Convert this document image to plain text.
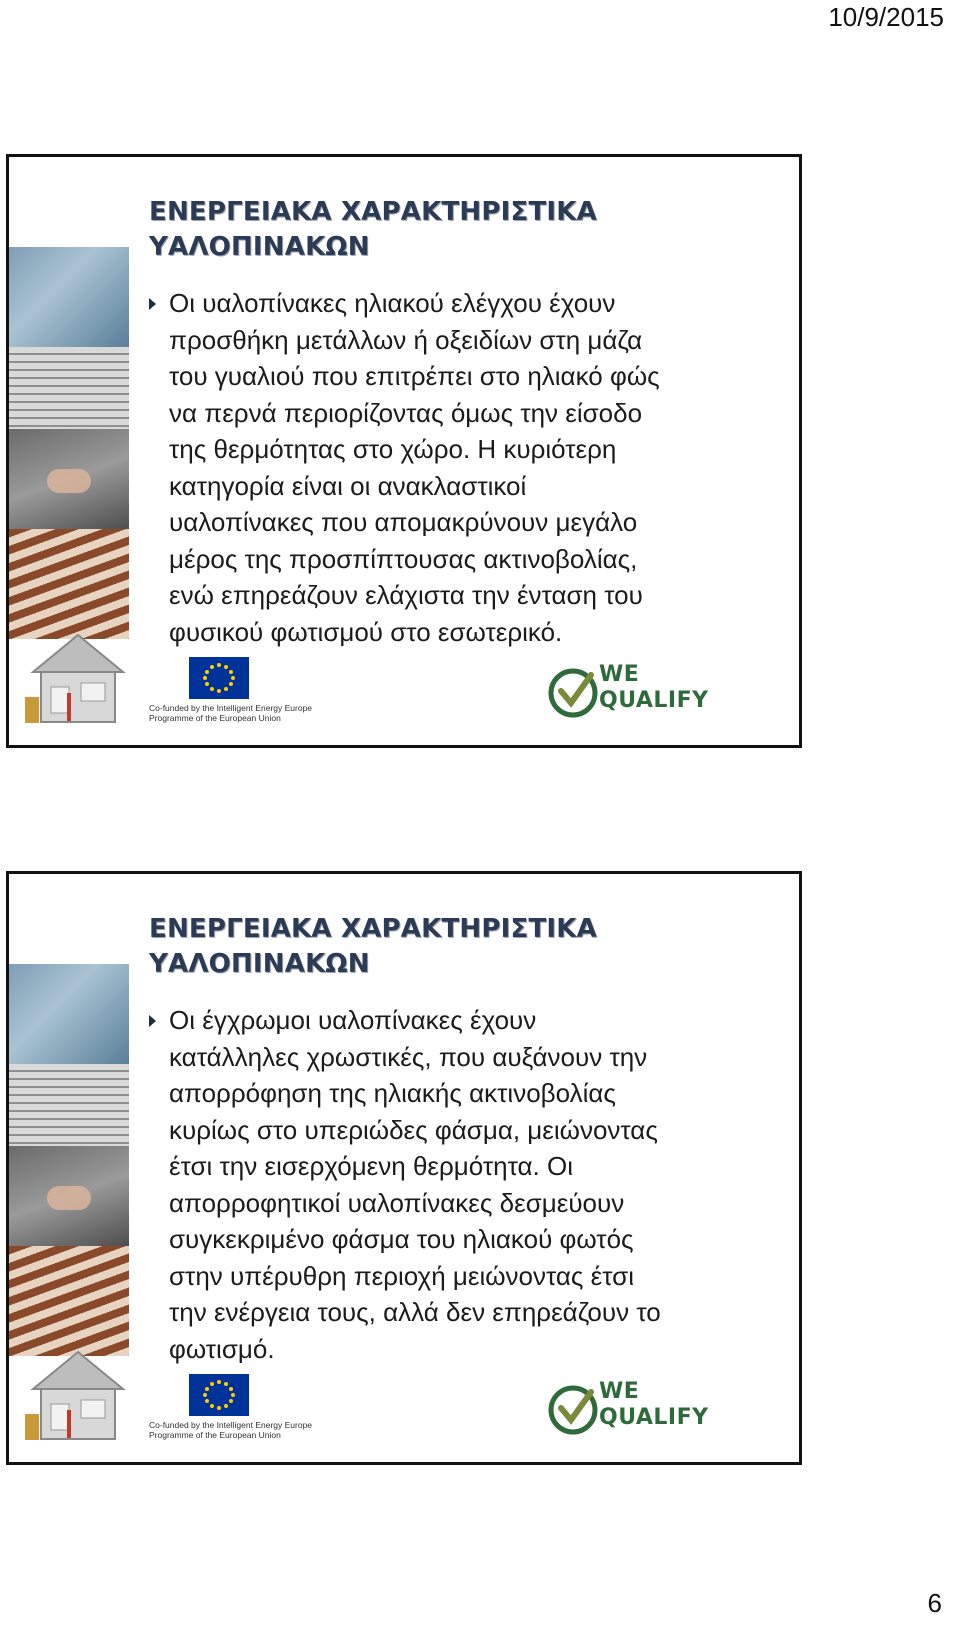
10/9/2015
ΕΝΕΡΓΕΙΑΚΑ ΧΑΡΑΚΤΗΡΙΣΤΙΚΑ
ΥΑΛΟΠΙΝΑΚΩΝ
Οι υαλοπίνακες ηλιακού ελέγχου έχουν
προσθήκη μετάλλων ή οξειδίων στη μάζα
του γυαλιού που επιτρέπει στο ηλιακό φώς
να περνά περιορίζοντας όμως την είσοδο
της θερμότητας στο χώρο. Η κυριότερη
κατηγορία είναι οι ανακλαστικοί
υαλοπίνακες που απομακρύνουν μεγάλο
μέρος της προσπίπτουσας ακτινοβολίας,
ενώ επηρεάζουν ελάχιστα την ένταση του
φυσικού φωτισμού στο εσωτερικό.
Co-funded by the Intelligent Energy Europe
Programme of the European Union
WE
QUALIFY
ΕΝΕΡΓΕΙΑΚΑ ΧΑΡΑΚΤΗΡΙΣΤΙΚΑ
ΥΑΛΟΠΙΝΑΚΩΝ
Οι έγχρωμοι υαλοπίνακες έχουν
κατάλληλες χρωστικές, που αυξάνουν την
απορρόφηση της ηλιακής ακτινοβολίας
κυρίως στο υπεριώδες φάσμα, μειώνοντας
έτσι την εισερχόμενη θερμότητα. Οι
απορροφητικοί υαλοπίνακες δεσμεύουν
συγκεκριμένο φάσμα του ηλιακού φωτός
στην υπέρυθρη περιοχή μειώνοντας έτσι
την ενέργεια τους, αλλά δεν επηρεάζουν το
φωτισμό.
Co-funded by the Intelligent Energy Europe
Programme of the European Union
WE
QUALIFY
6
